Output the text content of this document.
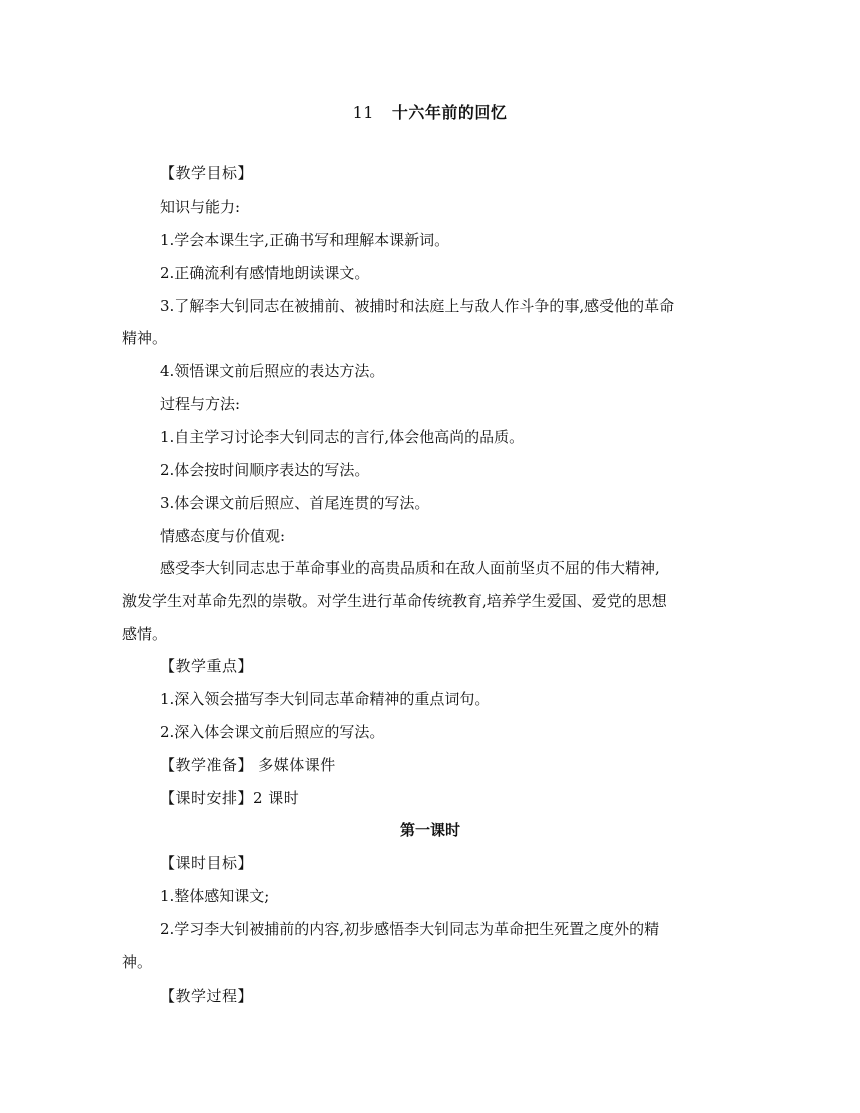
11 十六年前的回忆
【教学目标】
知识与能力:
1.学会本课生字,正确书写和理解本课新词。
2.正确流利有感情地朗读课文。
3.了解李大钊同志在被捕前、被捕时和法庭上与敌人作斗争的事,感受他的革命
精神。
4.领悟课文前后照应的表达方法。
过程与方法:
1.自主学习讨论李大钊同志的言行,体会他高尚的品质。
2.体会按时间顺序表达的写法。
3.体会课文前后照应、首尾连贯的写法。
情感态度与价值观:
感受李大钊同志忠于革命事业的高贵品质和在敌人面前坚贞不屈的伟大精神,
激发学生对革命先烈的崇敬。对学生进行革命传统教育,培养学生爱国、爱党的思想
感情。
【教学重点】
1.深入领会描写李大钊同志革命精神的重点词句。
2.深入体会课文前后照应的写法。
【教学准备】 多媒体课件
【课时安排】2 课时
第一课时
【课时目标】
1.整体感知课文;
2.学习李大钊被捕前的内容,初步感悟李大钊同志为革命把生死置之度外的精
神。
【教学过程】
